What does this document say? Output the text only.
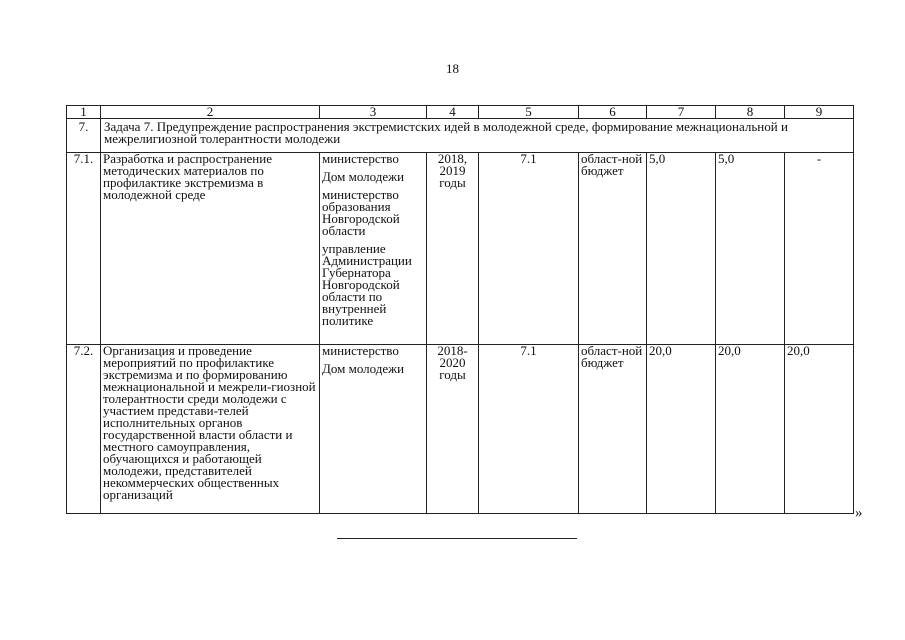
18
1	2	3	4	5	6	7	8	9
7.	Задача 7. Предупреждение распространения экстремистских идей в молодежной среде, формирование межнациональной и межрелигиозной толерантности молодежи							
7.1.	Разработка и распространение методических материалов по профилактике экстремизма в молодежной среде	министерство
Дом молодежи
министерство образования Новгородской области
управление Администрации Губернатора Новгородской области по внутренней политике	2018, 2019 годы	7.1	област-ной бюджет	5,0	5,0	-
7.2.	Организация и проведение мероприятий по профилактике экстремизма и по формированию межнациональной и межрели-гиозной толерантности среди молодежи с участием представи-телей исполнительных органов государственной власти области и местного самоуправления, обучающихся и работающей молодежи, представителей некоммерческих общественных организаций	министерство
Дом молодежи	2018-2020 годы	7.1	област-ной бюджет	20,0	20,0	20,0
»
